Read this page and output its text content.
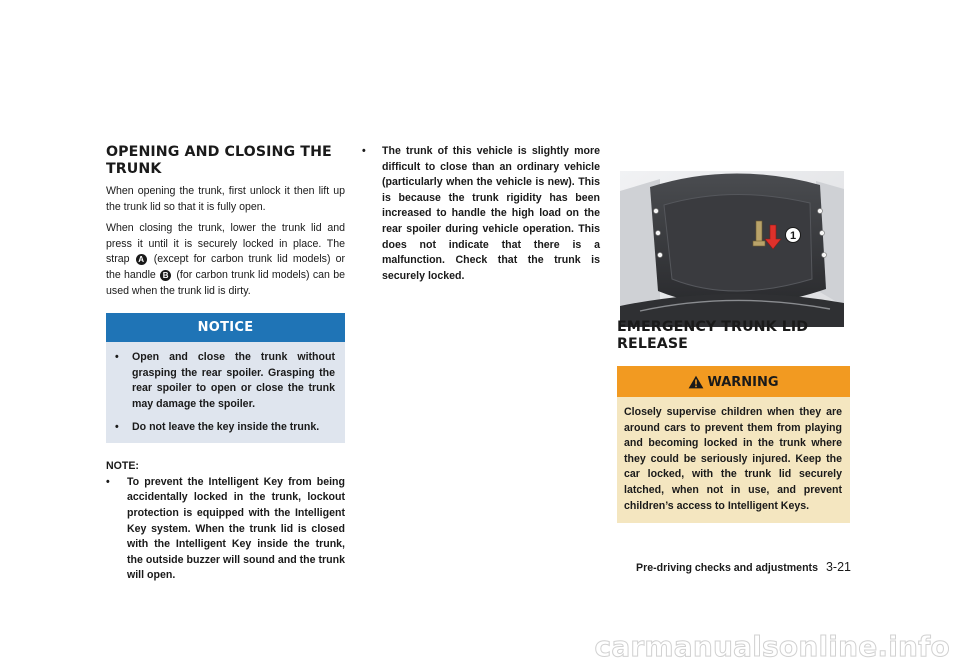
OPENING AND CLOSING THE TRUNK

When opening the trunk, first unlock it then lift up the trunk lid so that it is fully open.

When closing the trunk, lower the trunk lid and press it until it is securely locked in place. The strap A (except for carbon trunk lid models) or the handle B (for carbon trunk lid models) can be used when the trunk lid is dirty.

NOTICE
• Open and close the trunk without grasping the rear spoiler. Grasping the rear spoiler to open or close the trunk may damage the spoiler.
• Do not leave the key inside the trunk.
NOTE:
• To prevent the Intelligent Key from being accidentally locked in the trunk, lockout protection is equipped with the Intelligent Key system. When the trunk lid is closed with the Intelligent Key inside the trunk, the outside buzzer will sound and the trunk will open.
• The trunk of this vehicle is slightly more difficult to close than an ordinary vehicle (particularly when the vehicle is new). This is because the trunk rigidity has been increased to handle the high load on the rear spoiler during vehicle operation. This does not indicate that there is a malfunction. Check that the trunk is securely locked.
1
EMERGENCY TRUNK LID RELEASE
WARNING
Closely supervise children when they are around cars to prevent them from playing and becoming locked in the trunk where they could be seriously injured. Keep the car locked, with the trunk lid securely latched, when not in use, and prevent children’s access to Intelligent Keys.
Pre-driving checks and adjustments 3-21
carmanualsonline.info
